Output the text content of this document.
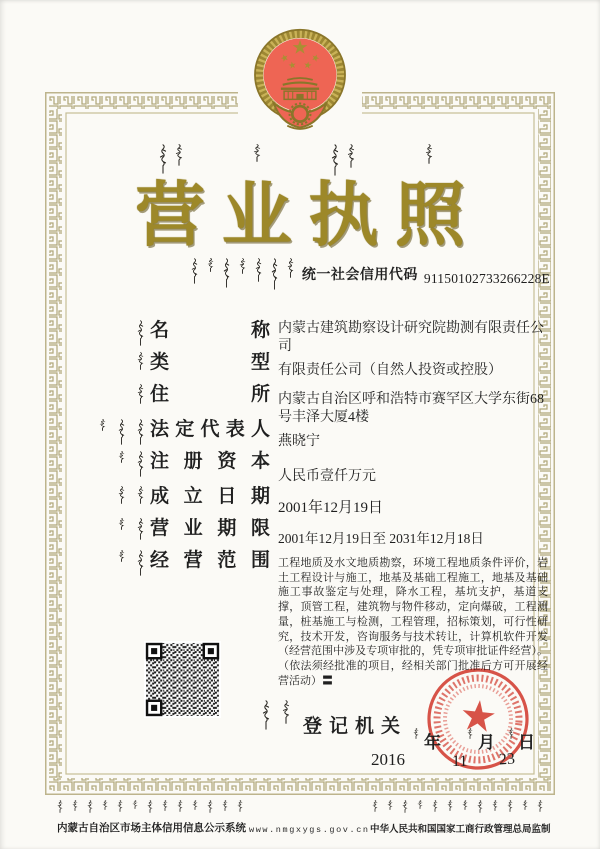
营 业 执 照
统一社会信用代码 91150102733266228E
名称
类型
住所
法定代表人
注册资本
成立日期
营业期限
经营范围
内蒙古建筑勘察设计研究院勘测有限责任公司
有限责任公司（自然人投资或控股）
内蒙古自治区呼和浩特市赛罕区大学东街68号丰泽大厦4楼
燕晓宁
人民币壹仟万元
2001年12月19日
2001年12月19日至 2031年12月18日
工程地质及水文地质勘察，环境工程地质条件评价，岩土工程设计与施工，地基及基础工程施工，地基及基础施工事故鉴定与处理，降水工程，基坑支护，基道支撑，顶管工程，建筑物与物件移动，定向爆破，工程测量，桩基施工与检测，工程管理，招标策划，可行性研究，技术开发，咨询服务与技术转让，计算机软件开发（经营范围中涉及专项审批的，凭专项审批证件经营）。（依法须经批准的项目，经相关部门批准后方可开展经营活动）〓
登记机关
年 月 日
2016	11 23
内蒙古自治区市场主体信用信息公示系统 www.nmgxygs.gov.cn 中华人民共和国国家工商行政管理总局监制
